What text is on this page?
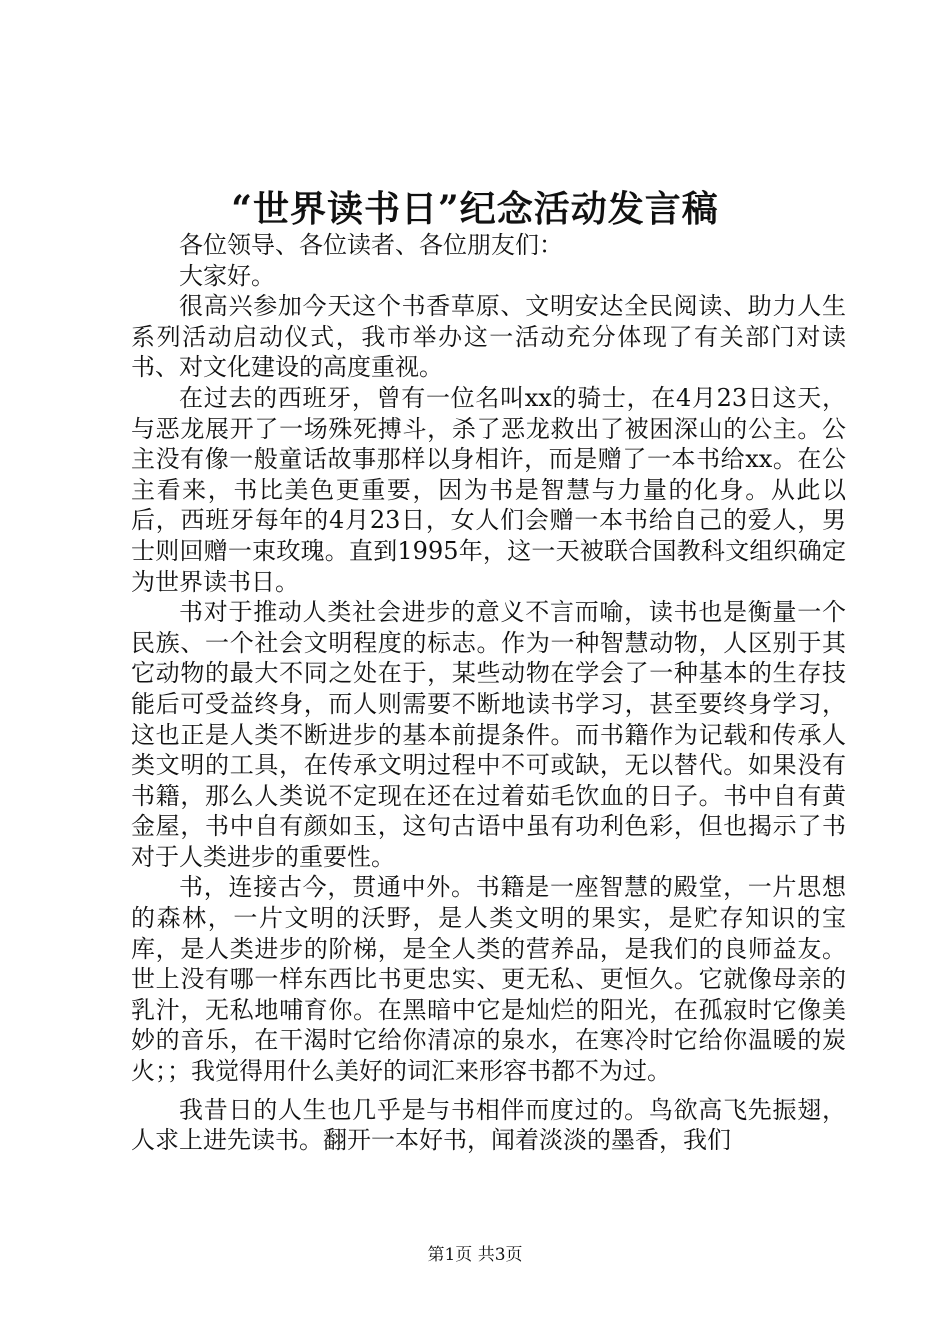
“世界读书日”纪念活动发言稿

各位领导、各位读者、各位朋友们：

大家好。

很高兴参加今天这个书香草原、文明安达全民阅读、助力人生系列活动启动仪式，我市举办这一活动充分体现了有关部门对读书、对文化建设的高度重视。

在过去的西班牙，曾有一位名叫xx的骑士，在4月23日这天，与恶龙展开了一场殊死搏斗，杀了恶龙救出了被困深山的公主。公主没有像一般童话故事那样以身相许，而是赠了一本书给xx。在公主看来，书比美色更重要，因为书是智慧与力量的化身。从此以后，西班牙每年的4月23日，女人们会赠一本书给自己的爱人，男士则回赠一束玫瑰。直到1995年，这一天被联合国教科文组织确定为世界读书日。

书对于推动人类社会进步的意义不言而喻，读书也是衡量一个民族、一个社会文明程度的标志。作为一种智慧动物，人区别于其它动物的最大不同之处在于，某些动物在学会了一种基本的生存技能后可受益终身，而人则需要不断地读书学习，甚至要终身学习，这也正是人类不断进步的基本前提条件。而书籍作为记载和传承人类文明的工具，在传承文明过程中不可或缺，无以替代。如果没有书籍，那么人类说不定现在还在过着茹毛饮血的日子。书中自有黄金屋，书中自有颜如玉，这句古语中虽有功利色彩，但也揭示了书对于人类进步的重要性。

书，连接古今，贯通中外。书籍是一座智慧的殿堂，一片思想的森林，一片文明的沃野，是人类文明的果实，是贮存知识的宝库，是人类进步的阶梯，是全人类的营养品，是我们的良师益友。世上没有哪一样东西比书更忠实、更无私、更恒久。它就像母亲的乳汁，无私地哺育你。在黑暗中它是灿烂的阳光，在孤寂时它像美妙的音乐，在干渴时它给你清凉的泉水，在寒冷时它给你温暖的炭火；；我觉得用什么美好的词汇来形容书都不为过。

我昔日的人生也几乎是与书相伴而度过的。鸟欲高飞先振翅，人求上进先读书。翻开一本好书，闻着淡淡的墨香，我们

第1页 共3页
